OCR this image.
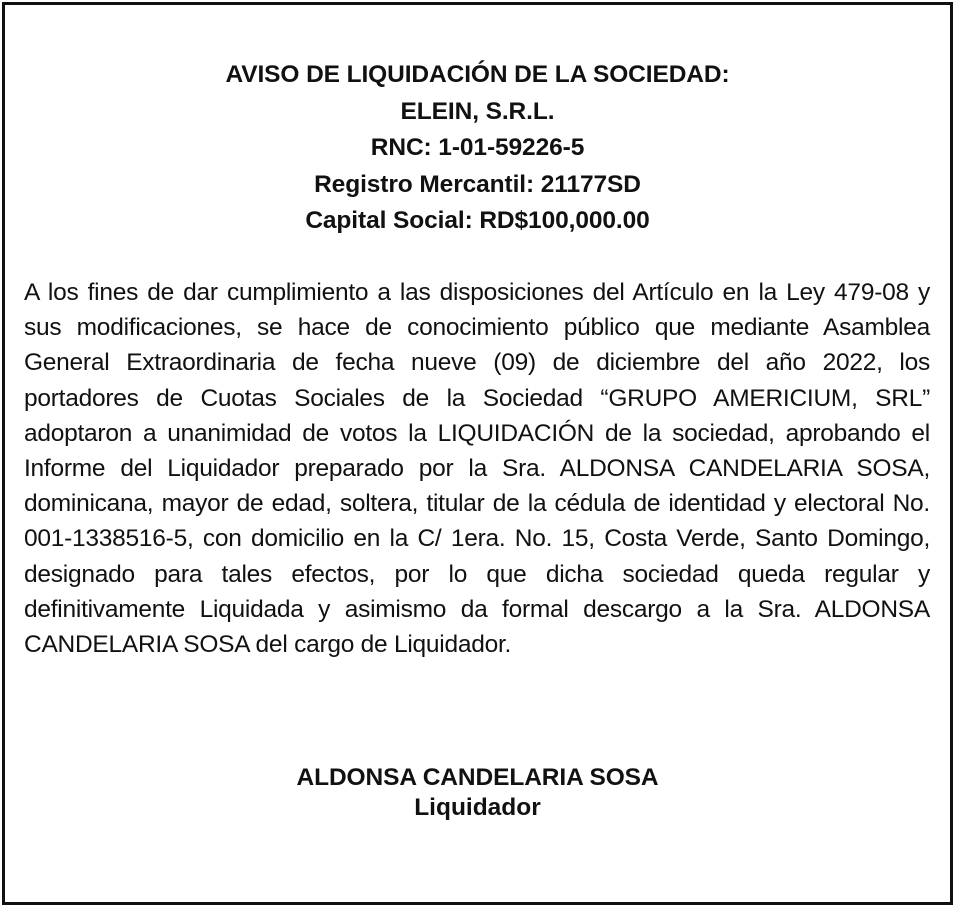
AVISO DE LIQUIDACIÓN DE LA SOCIEDAD:
ELEIN, S.R.L.
RNC: 1-01-59226-5
Registro Mercantil: 21177SD
Capital Social: RD$100,000.00

A los fines de dar cumplimiento a las disposiciones del Artículo en la Ley 479-08 y sus modificaciones, se hace de conocimiento público que mediante Asamblea General Extraordinaria de fecha nueve (09) de diciembre del año 2022, los portadores de Cuotas Sociales de la Sociedad “GRUPO AMERICIUM, SRL” adoptaron a unanimidad de votos la LIQUIDACIÓN de la sociedad, aprobando el Informe del Liquidador preparado por la Sra. ALDONSA CANDELARIA SOSA, dominicana, mayor de edad, soltera, titular de la cédula de identidad y electoral No. 001-1338516-5, con domicilio en la C/ 1era. No. 15, Costa Verde, Santo Domingo, designado para tales efectos, por lo que dicha sociedad queda regular y definitivamente Liquidada y asimismo da formal descargo a la Sra. ALDONSA CANDELARIA SOSA del cargo de Liquidador.

ALDONSA CANDELARIA SOSA
Liquidador
